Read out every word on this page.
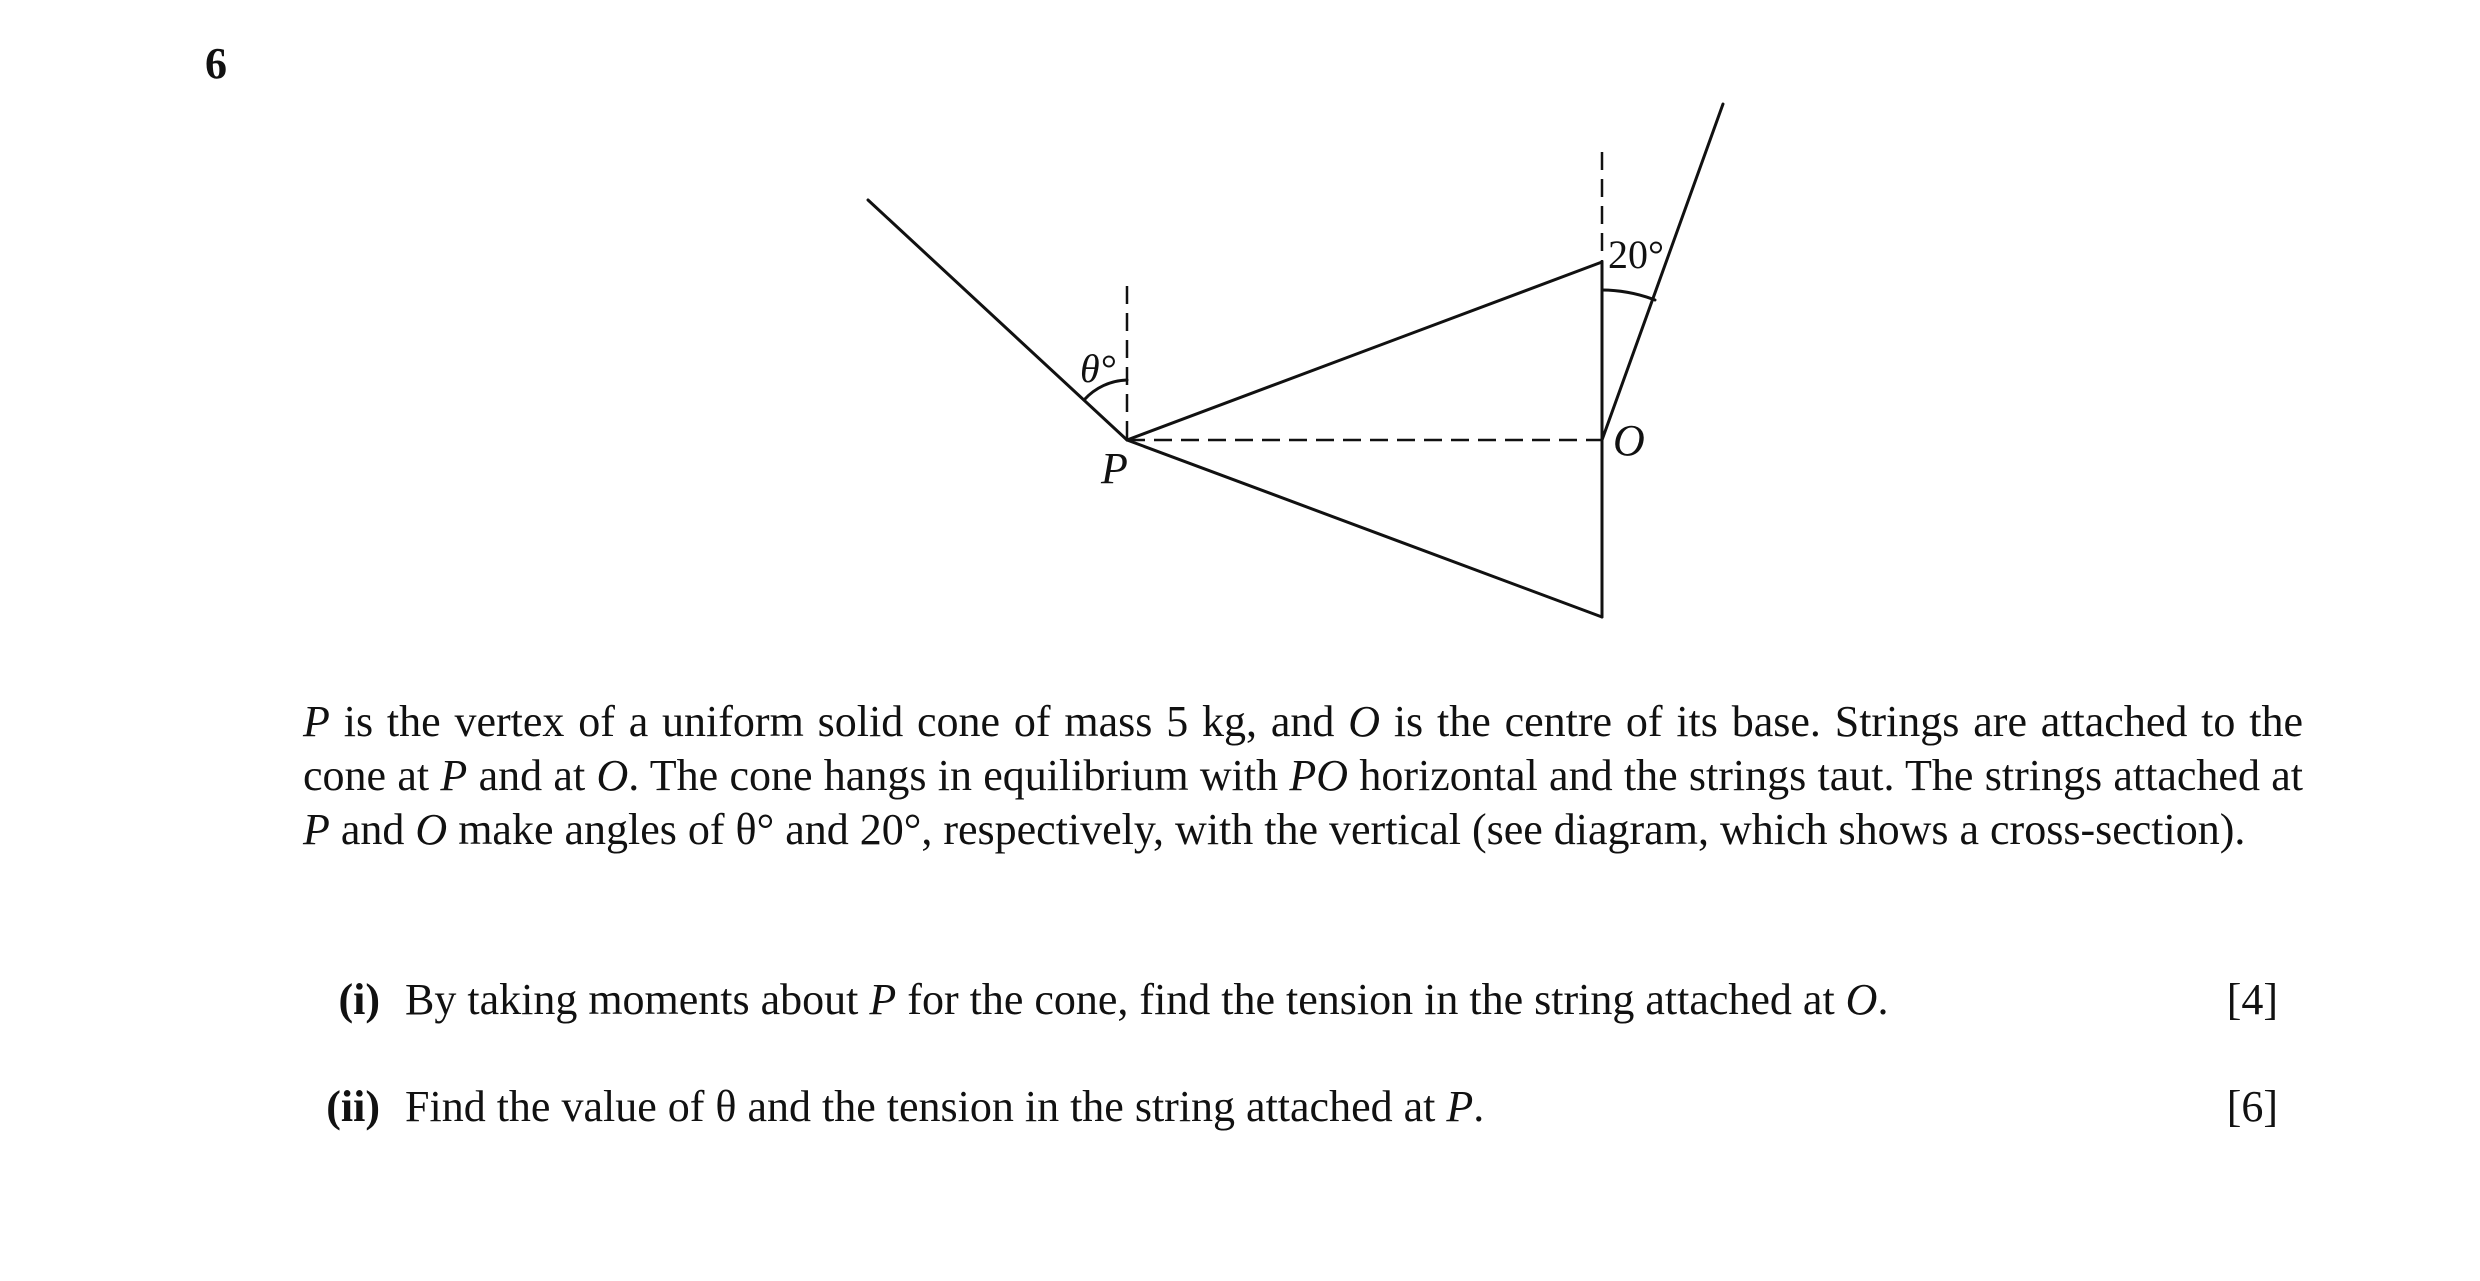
6
θ°
20°
P
O
P is the vertex of a uniform solid cone of mass 5 kg, and O is the centre of its base. Strings are attached to the cone at P and at O. The cone hangs in equilibrium with PO horizontal and the strings taut. The strings attached at P and O make angles of θ° and 20°, respectively, with the vertical (see diagram, which shows a cross-section).
(i) By taking moments about P for the cone, find the tension in the string attached at O.	[4]
(ii) Find the value of θ and the tension in the string attached at P.	[6]
